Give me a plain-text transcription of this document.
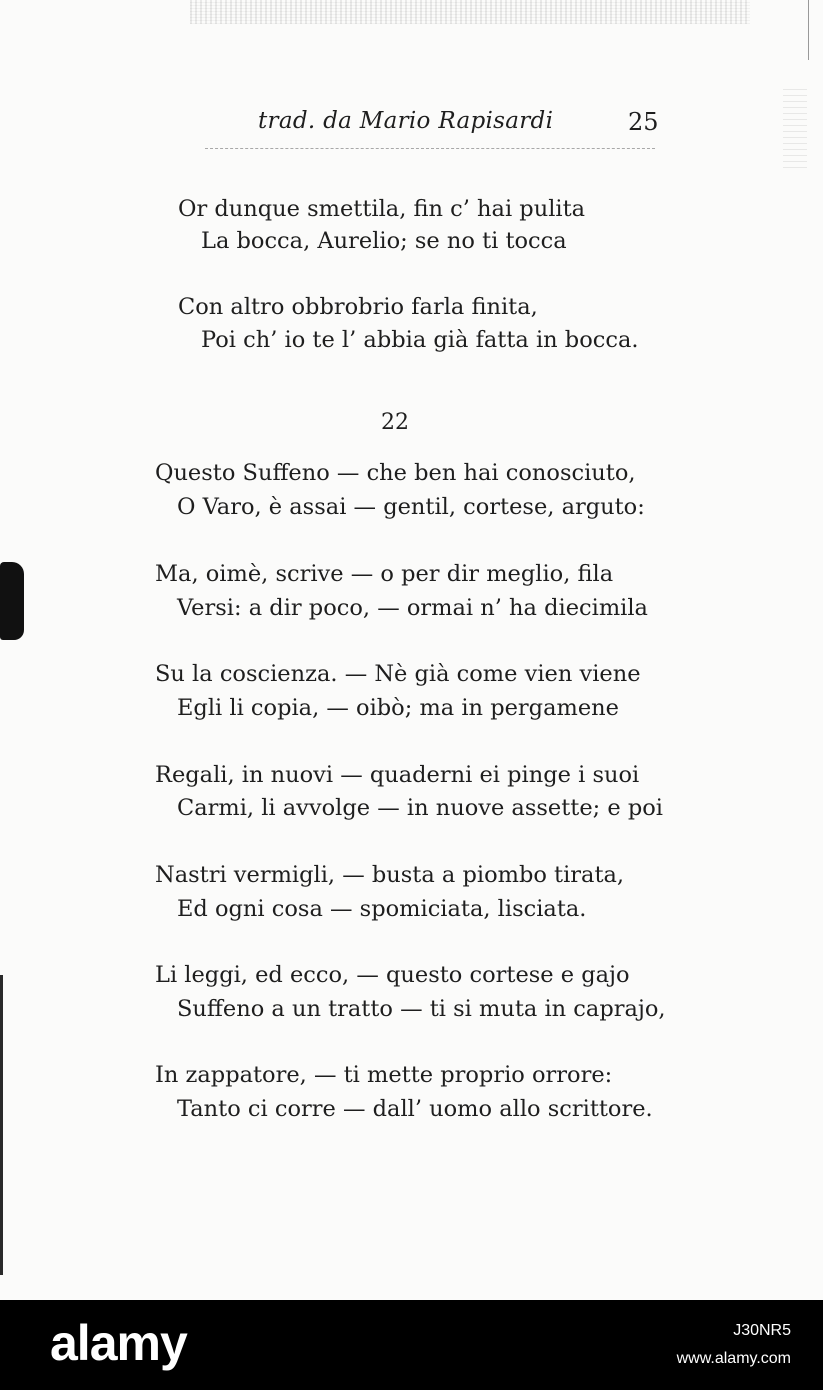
trad. da Mario Rapisardi	25
Or dunque smettila, fin c’ hai pulita
La bocca, Aurelio; se no ti tocca
Con altro obbrobrio farla finita,
Poi ch’ io te l’ abbia già fatta in bocca.
22
Questo Suffeno — che ben hai conosciuto,
O Varo, è assai — gentil, cortese, arguto:
Ma, oimè, scrive — o per dir meglio, fila
Versi: a dir poco, — ormai n’ ha diecimila
Su la coscienza. — Nè già come vien viene
Egli li copia, — oibò; ma in pergamene
Regali, in nuovi — quaderni ei pinge i suoi
Carmi, li avvolge — in nuove assette; e poi
Nastri vermigli, — busta a piombo tirata,
Ed ogni cosa — spomiciata, lisciata.
Li leggi, ed ecco, — questo cortese e gajo
Suffeno a un tratto — ti si muta in caprajo,
In zappatore, — ti mette proprio orrore:
Tanto ci corre — dall’ uomo allo scrittore.
alamy	J30NR5
www.alamy.com
